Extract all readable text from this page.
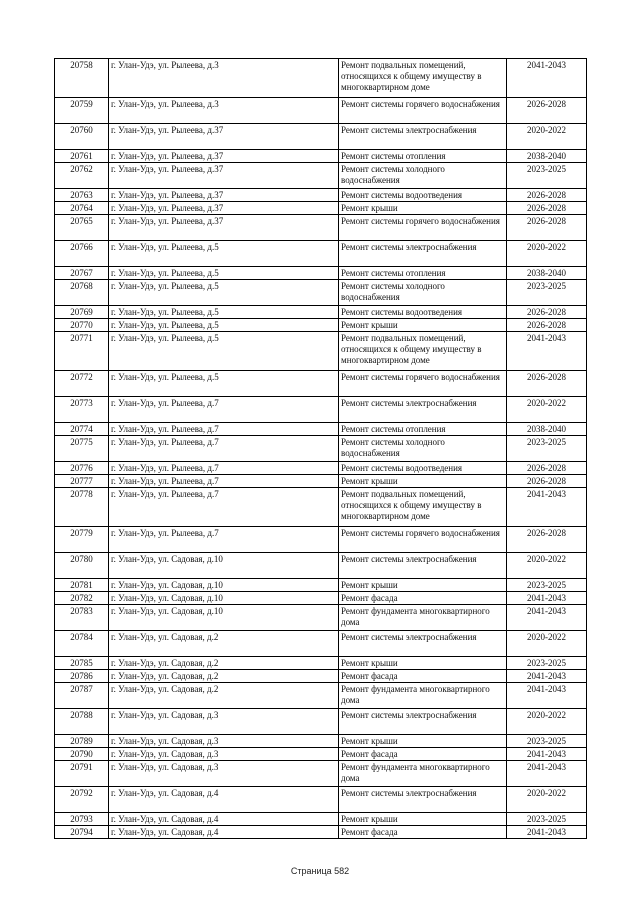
20758	г. Улан-Удэ, ул. Рылеева, д.3	Ремонт подвальных помещений, относящихся к общему имуществу в многоквартирном доме	2041-2043
20759	г. Улан-Удэ, ул. Рылеева, д.3	Ремонт системы горячего водоснабжения	2026-2028
20760	г. Улан-Удэ, ул. Рылеева, д.37	Ремонт системы электроснабжения	2020-2022
20761	г. Улан-Удэ, ул. Рылеева, д.37	Ремонт системы отопления	2038-2040
20762	г. Улан-Удэ, ул. Рылеева, д.37	Ремонт системы холодного водоснабжения	2023-2025
20763	г. Улан-Удэ, ул. Рылеева, д.37	Ремонт системы водоотведения	2026-2028
20764	г. Улан-Удэ, ул. Рылеева, д.37	Ремонт крыши	2026-2028
20765	г. Улан-Удэ, ул. Рылеева, д.37	Ремонт системы горячего водоснабжения	2026-2028
20766	г. Улан-Удэ, ул. Рылеева, д.5	Ремонт системы электроснабжения	2020-2022
20767	г. Улан-Удэ, ул. Рылеева, д.5	Ремонт системы отопления	2038-2040
20768	г. Улан-Удэ, ул. Рылеева, д.5	Ремонт системы холодного водоснабжения	2023-2025
20769	г. Улан-Удэ, ул. Рылеева, д.5	Ремонт системы водоотведения	2026-2028
20770	г. Улан-Удэ, ул. Рылеева, д.5	Ремонт крыши	2026-2028
20771	г. Улан-Удэ, ул. Рылеева, д.5	Ремонт подвальных помещений, относящихся к общему имуществу в многоквартирном доме	2041-2043
20772	г. Улан-Удэ, ул. Рылеева, д.5	Ремонт системы горячего водоснабжения	2026-2028
20773	г. Улан-Удэ, ул. Рылеева, д.7	Ремонт системы электроснабжения	2020-2022
20774	г. Улан-Удэ, ул. Рылеева, д.7	Ремонт системы отопления	2038-2040
20775	г. Улан-Удэ, ул. Рылеева, д.7	Ремонт системы холодного водоснабжения	2023-2025
20776	г. Улан-Удэ, ул. Рылеева, д.7	Ремонт системы водоотведения	2026-2028
20777	г. Улан-Удэ, ул. Рылеева, д.7	Ремонт крыши	2026-2028
20778	г. Улан-Удэ, ул. Рылеева, д.7	Ремонт подвальных помещений, относящихся к общему имуществу в многоквартирном доме	2041-2043
20779	г. Улан-Удэ, ул. Рылеева, д.7	Ремонт системы горячего водоснабжения	2026-2028
20780	г. Улан-Удэ, ул. Садовая, д.10	Ремонт системы электроснабжения	2020-2022
20781	г. Улан-Удэ, ул. Садовая, д.10	Ремонт крыши	2023-2025
20782	г. Улан-Удэ, ул. Садовая, д.10	Ремонт фасада	2041-2043
20783	г. Улан-Удэ, ул. Садовая, д.10	Ремонт фундамента многоквартирного дома	2041-2043
20784	г. Улан-Удэ, ул. Садовая, д.2	Ремонт системы электроснабжения	2020-2022
20785	г. Улан-Удэ, ул. Садовая, д.2	Ремонт крыши	2023-2025
20786	г. Улан-Удэ, ул. Садовая, д.2	Ремонт фасада	2041-2043
20787	г. Улан-Удэ, ул. Садовая, д.2	Ремонт фундамента многоквартирного дома	2041-2043
20788	г. Улан-Удэ, ул. Садовая, д.3	Ремонт системы электроснабжения	2020-2022
20789	г. Улан-Удэ, ул. Садовая, д.3	Ремонт крыши	2023-2025
20790	г. Улан-Удэ, ул. Садовая, д.3	Ремонт фасада	2041-2043
20791	г. Улан-Удэ, ул. Садовая, д.3	Ремонт фундамента многоквартирного дома	2041-2043
20792	г. Улан-Удэ, ул. Садовая, д.4	Ремонт системы электроснабжения	2020-2022
20793	г. Улан-Удэ, ул. Садовая, д.4	Ремонт крыши	2023-2025
20794	г. Улан-Удэ, ул. Садовая, д.4	Ремонт фасада	2041-2043
Страница 582
